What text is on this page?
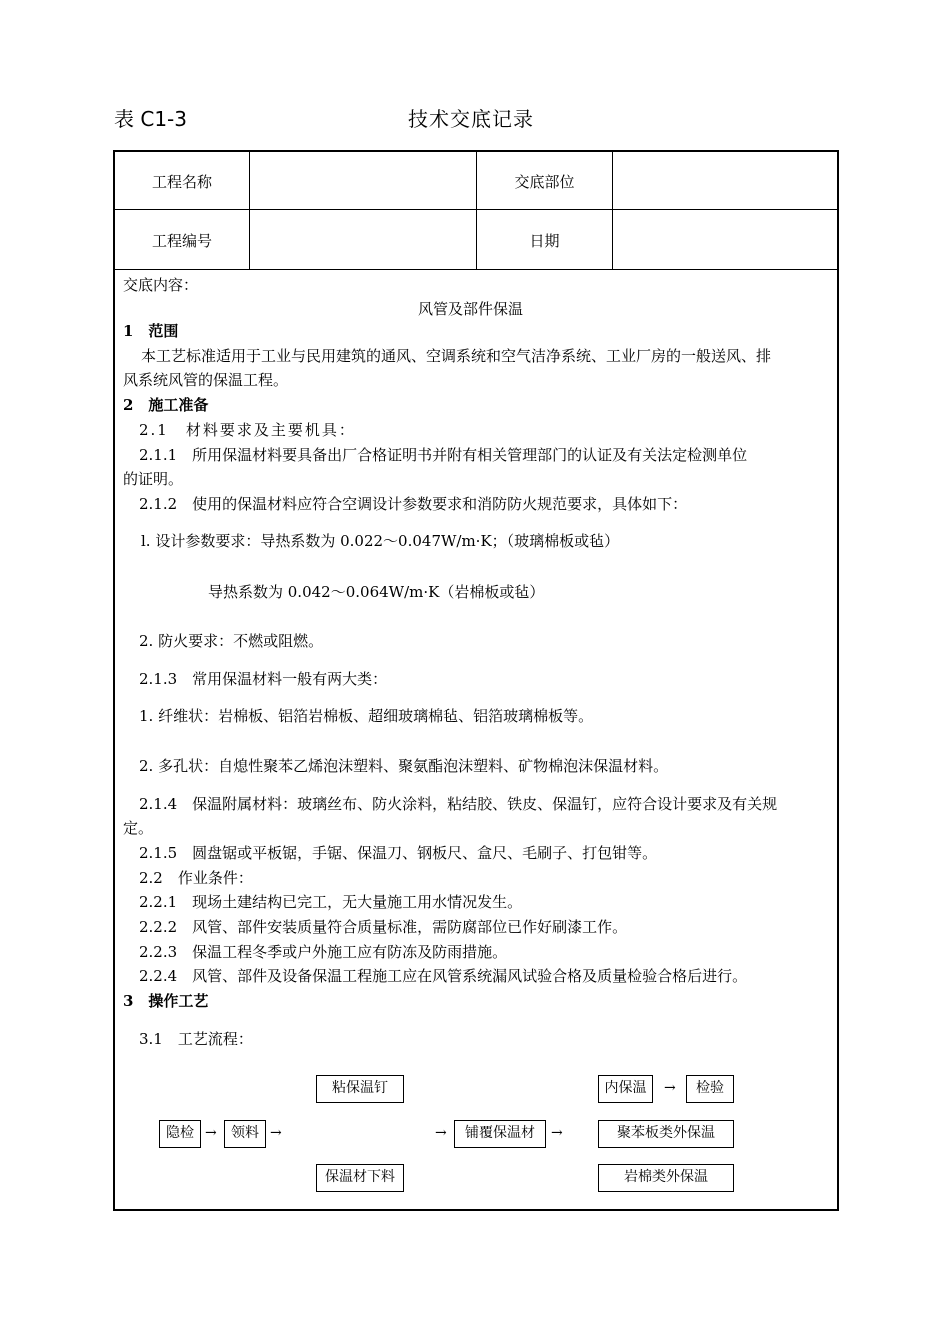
表 C1-3	技术交底记录
工程名称	交底部位
工程编号	日期
交底内容：
风管及部件保温
1　范围
本工艺标准适用于工业与民用建筑的通风、空调系统和空气洁净系统、工业厂房的一般送风、排
风系统风管的保温工程。
2　施工准备
2.1　材料要求及主要机具：
2.1.1　所用保温材料要具备出厂合格证明书并附有相关管理部门的认证及有关法定检测单位
的证明。
2.1.2　使用的保温材料应符合空调设计参数要求和消防防火规范要求，具体如下：
l. 设计参数要求：导热系数为 0.022～0.047W/m·K；（玻璃棉板或毡）
导热系数为 0.042～0.064W/m·K（岩棉板或毡）
2. 防火要求：不燃或阻燃。
2.1.3　常用保温材料一般有两大类：
1. 纤维状：岩棉板、铝箔岩棉板、超细玻璃棉毡、铝箔玻璃棉板等。
2. 多孔状：自熄性聚苯乙烯泡沫塑料、聚氨酯泡沫塑料、矿物棉泡沫保温材料。
2.1.4　保温附属材料：玻璃丝布、防火涂料，粘结胶、铁皮、保温钉，应符合设计要求及有关规
定。
2.1.5　圆盘锯或平板锯，手锯、保温刀、钢板尺、盒尺、毛刷子、打包钳等。
2.2　作业条件：
2.2.1　现场土建结构已完工，无大量施工用水情况发生。
2.2.2　风管、部件安装质量符合质量标准，需防腐部位已作好刷漆工作。
2.2.3　保温工程冬季或户外施工应有防冻及防雨措施。
2.2.4　风管、部件及设备保温工程施工应在风管系统漏风试验合格及质量检验合格后进行。
3　操作工艺
3.1　工艺流程：
粘保温钉
隐检 →	领料 →
保温材下料
→	铺覆保温材	→
内保温	→	检验
聚苯板类外保温
岩棉类外保温
